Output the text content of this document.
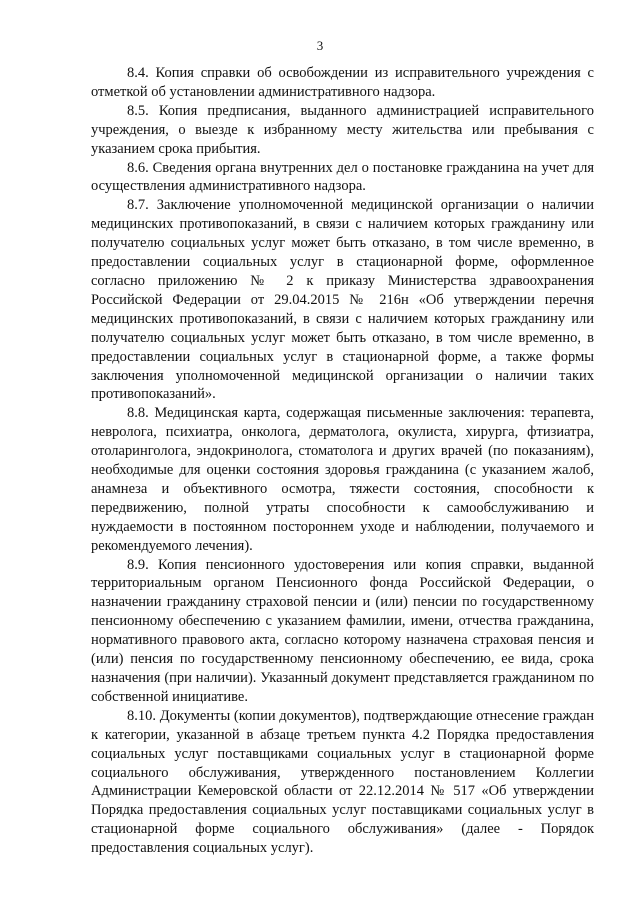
3

8.4. Копия справки об освобождении из исправительного учреждения с отметкой об установлении административного надзора.

8.5. Копия предписания, выданного администрацией исправительного учреждения, о выезде к избранному месту жительства или пребывания с указанием срока прибытия.

8.6. Сведения органа внутренних дел о постановке гражданина на учет для осуществления административного надзора.

8.7. Заключение уполномоченной медицинской организации о наличии медицинских противопоказаний, в связи с наличием которых гражданину или получателю социальных услуг может быть отказано, в том числе временно, в предоставлении социальных услуг в стационарной форме, оформленное согласно приложению № 2 к приказу Министерства здравоохранения Российской Федерации от 29.04.2015 № 216н «Об утверждении перечня медицинских противопоказаний, в связи с наличием которых гражданину или получателю социальных услуг может быть отказано, в том числе временно, в предоставлении социальных услуг в стационарной форме, а также формы заключения уполномоченной медицинской организации о наличии таких противопоказаний».

8.8. Медицинская карта, содержащая письменные заключения: терапевта, невролога, психиатра, онколога, дерматолога, окулиста, хирурга, фтизиатра, отоларинголога, эндокринолога, стоматолога и других врачей (по показаниям), необходимые для оценки состояния здоровья гражданина (с указанием жалоб, анамнеза и объективного осмотра, тяжести состояния, способности к передвижению, полной утраты способности к самообслуживанию и нуждаемости в постоянном постороннем уходе и наблюдении, получаемого и рекомендуемого лечения).

8.9. Копия пенсионного удостоверения или копия справки, выданной территориальным органом Пенсионного фонда Российской Федерации, о назначении гражданину страховой пенсии и (или) пенсии по государственному пенсионному обеспечению с указанием фамилии, имени, отчества гражданина, нормативного правового акта, согласно которому назначена страховая пенсия и (или) пенсия по государственному пенсионному обеспечению, ее вида, срока назначения (при наличии). Указанный документ представляется гражданином по собственной инициативе.

8.10. Документы (копии документов), подтверждающие отнесение граждан к категории, указанной в абзаце третьем пункта 4.2 Порядка предоставления социальных услуг поставщиками социальных услуг в стационарной форме социального обслуживания, утвержденного постановлением Коллегии Администрации Кемеровской области от 22.12.2014 № 517 «Об утверждении Порядка предоставления социальных услуг поставщиками социальных услуг в стационарной форме социального обслуживания» (далее - Порядок предоставления социальных услуг).
